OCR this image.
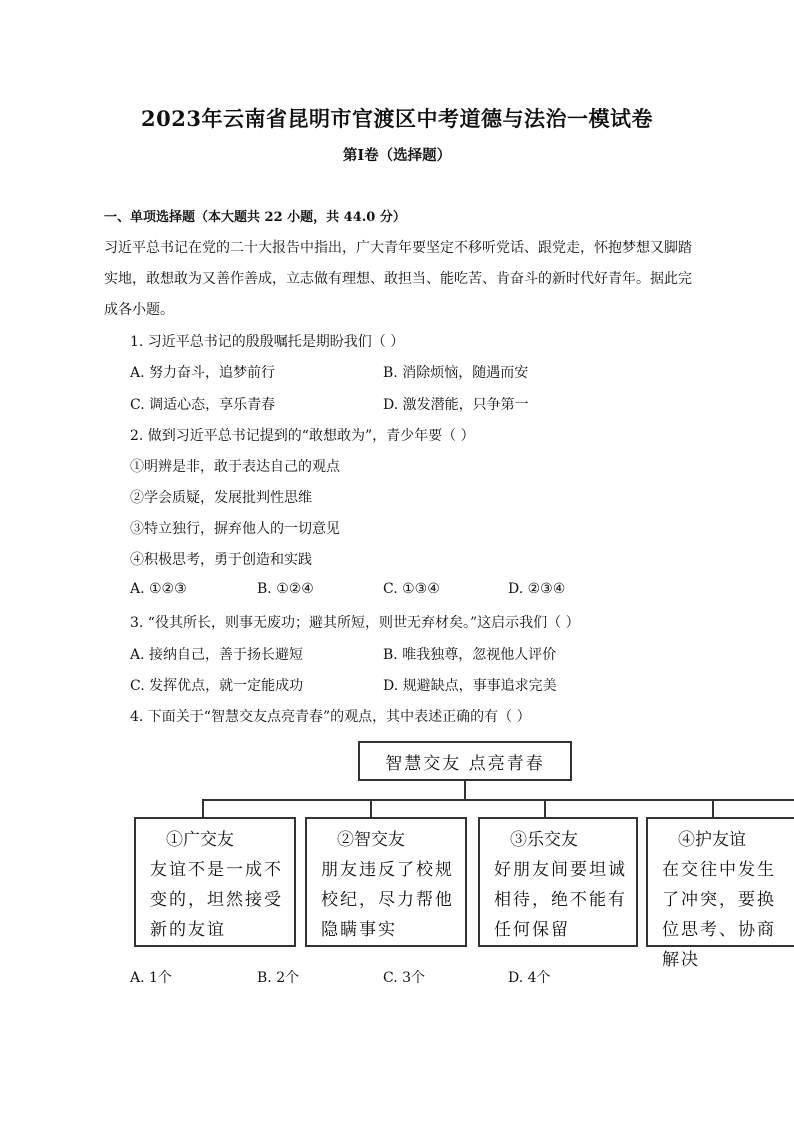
2023年云南省昆明市官渡区中考道德与法治一模试卷
第I卷（选择题）
一、单项选择题（本大题共 22 小题，共 44.0 分）
习近平总书记在党的二十大报告中指出，广大青年要坚定不移听党话、跟党走，怀抱梦想又脚踏
实地，敢想敢为又善作善成，立志做有理想、敢担当、能吃苦、肯奋斗的新时代好青年。据此完
成各小题。
1. 习近平总书记的殷殷嘱托是期盼我们（ ）
A. 努力奋斗，追梦前行	B. 消除烦恼，随遇而安
C. 调适心态，享乐青春	D. 激发潜能，只争第一
2. 做到习近平总书记提到的“敢想敢为”，青少年要（ ）
①明辨是非，敢于表达自己的观点
②学会质疑，发展批判性思维
③特立独行，摒弃他人的一切意见
④积极思考，勇于创造和实践
A. ①②③	B. ①②④	C. ①③④	D. ②③④
3. “役其所长，则事无废功；避其所短，则世无弃材矣。”这启示我们（ ）
A. 接纳自己，善于扬长避短	B. 唯我独尊，忽视他人评价
C. 发挥优点，就一定能成功	D. 规避缺点，事事追求完美
4. 下面关于“智慧交友点亮青春”的观点，其中表述正确的有（ ）
智慧交友 点亮青春
①广交友
友谊不是一成不变的，坦然接受新的友谊
②智交友
朋友违反了校规校纪，尽力帮他隐瞒事实
③乐交友
好朋友间要坦诚相待，绝不能有任何保留
④护友谊
在交往中发生了冲突，要换位思考、协商解决
A. 1个	B. 2个	C. 3个	D. 4个
